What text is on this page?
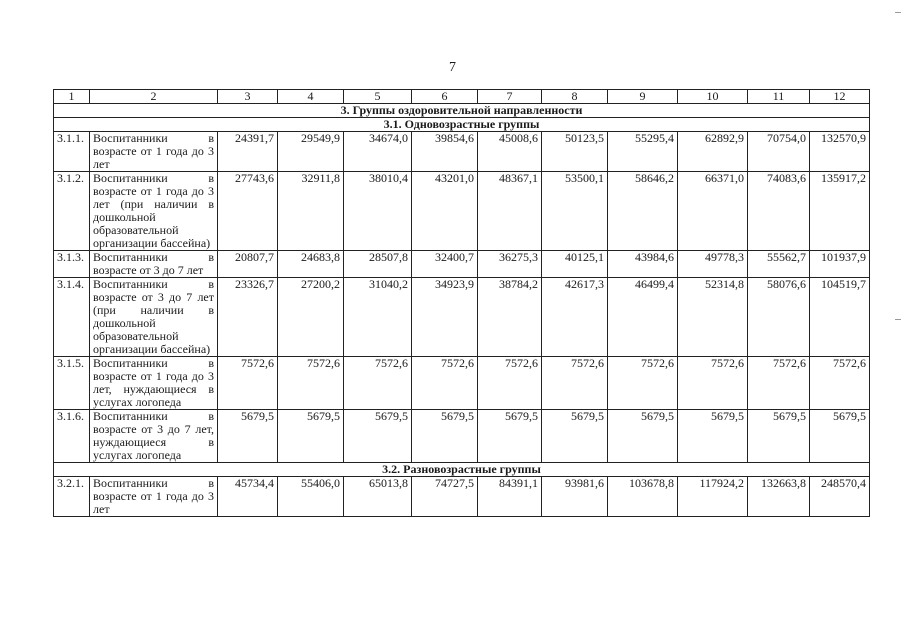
7
1	2	3	4	5	6	7	8	9	10	11	12
3. Группы оздоровительной направленности											
3.1. Одновозрастные группы											
3.1.1.	Воспитанники в возрасте от 1 года до 3 лет	24391,7	29549,9	34674,0	39854,6	45008,6	50123,5	55295,4	62892,9	70754,0	132570,9
3.1.2.	Воспитанники в возрасте от 1 года до 3 лет (при наличии в дошкольной образовательной организации бассейна)	27743,6	32911,8	38010,4	43201,0	48367,1	53500,1	58646,2	66371,0	74083,6	135917,2
3.1.3.	Воспитанники в возрасте от 3 до 7 лет	20807,7	24683,8	28507,8	32400,7	36275,3	40125,1	43984,6	49778,3	55562,7	101937,9
3.1.4.	Воспитанники в возрасте от 3 до 7 лет (при наличии в дошкольной образовательной организации бассейна)	23326,7	27200,2	31040,2	34923,9	38784,2	42617,3	46499,4	52314,8	58076,6	104519,7
3.1.5.	Воспитанники в возрасте от 1 года до 3 лет, нуждающиеся в услугах логопеда	7572,6	7572,6	7572,6	7572,6	7572,6	7572,6	7572,6	7572,6	7572,6	7572,6
3.1.6.	Воспитанники в возрасте от 3 до 7 лет, нуждающиеся в услугах логопеда	5679,5	5679,5	5679,5	5679,5	5679,5	5679,5	5679,5	5679,5	5679,5	5679,5
3.2. Разновозрастные группы											
3.2.1.	Воспитанники в возрасте от 1 года до 3 лет	45734,4	55406,0	65013,8	74727,5	84391,1	93981,6	103678,8	117924,2	132663,8	248570,4
